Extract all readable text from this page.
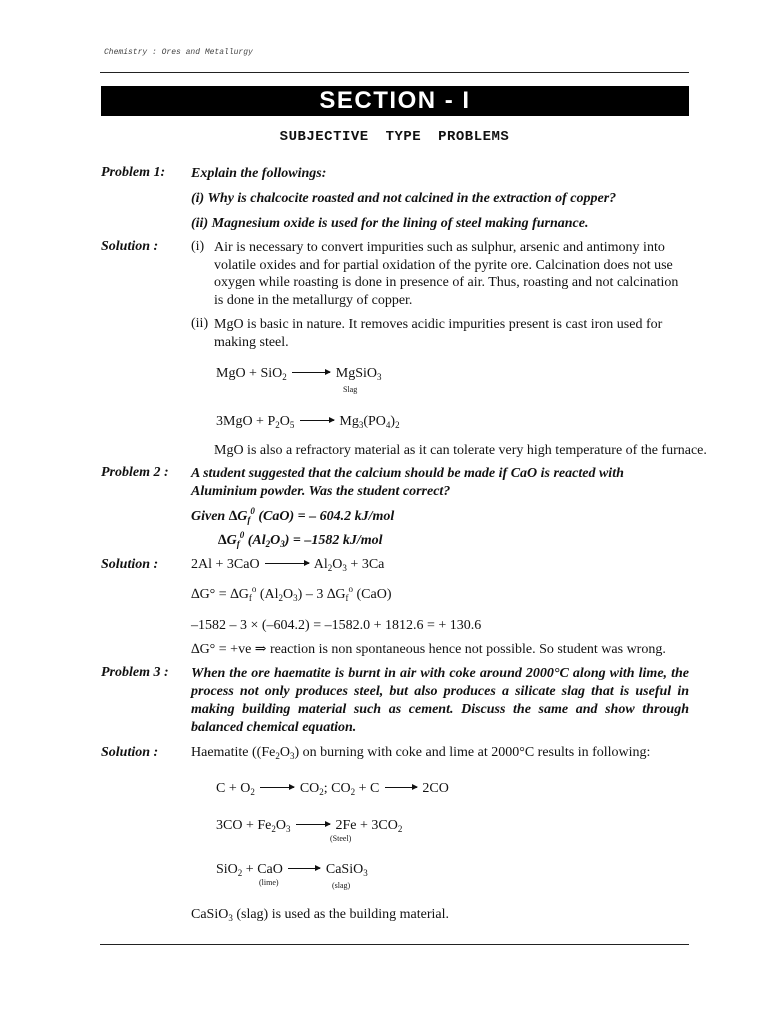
Chemistry : Ores and Metallurgy
SECTION - I
SUBJECTIVE TYPE PROBLEMS
Problem 1: Explain the followings:
(i) Why is chalcocite roasted and not calcined in the extraction of copper?
(ii) Magnesium oxide is used for the lining of steel making furnance.
Solution : (i) Air is necessary to convert impurities such as sulphur, arsenic and antimony into volatile oxides and for partial oxidation of the pyrite ore. Calcination does not use oxygen while roasting is done in presence of air. Thus, roasting and not calcination is done in the metallurgy of copper.
(ii) MgO is basic in nature. It removes acidic impurities present is cast iron used for making steel.
MgO + SiO$_2$	MgSiO$_3$
Slag
$3MgO + P_2O_5$	$Mg_3(PO_4)_2$
MgO is also a refractory material as it can tolerate very high temperature of the furnace.
Problem 2 : A student suggested that the calcium should be made if CaO is reacted with Aluminium powder. Was the student correct?
Given $\Delta G_f^0$ (CaO) = – 604.2 kJ/mol
$\Delta G_f^0$ $(Al_2O_3) = -1582$ kJ/mol
Solution : 2Al + 3CaO	$Al_2O_3 + 3Ca$
$\Delta G^\circ = \Delta G_f^o$ $(Al_2O_3) - 3$ $\Delta G_f^o$ (CaO)
–1582 – 3 × (–604.2) = –1582.0 + 1812.6 = + 130.6
∆G° = +ve ⇒ reaction is non spontaneous hence not possible. So student was wrong.
Problem 3 : When the ore haematite is burnt in air with coke around 2000°C along with lime, the process not only produces steel, but also produces a silicate slag that is useful in making building material such as cement. Discuss the same and show through balanced chemical equation.
Solution : Haematite ($(Fe_2O_3)$ on burning with coke and lime at 2000°C results in following:
$C + O_2$	$CO_2$; $CO_2 + C$	2CO
$3CO + Fe_2O_3$	$2Fe + 3CO_2$
(Steel)
SiO$_2$ + CaO	CaSiO$_3$
(lime)	(slag)
CaSiO$_3$ (slag) is used as the building material.
